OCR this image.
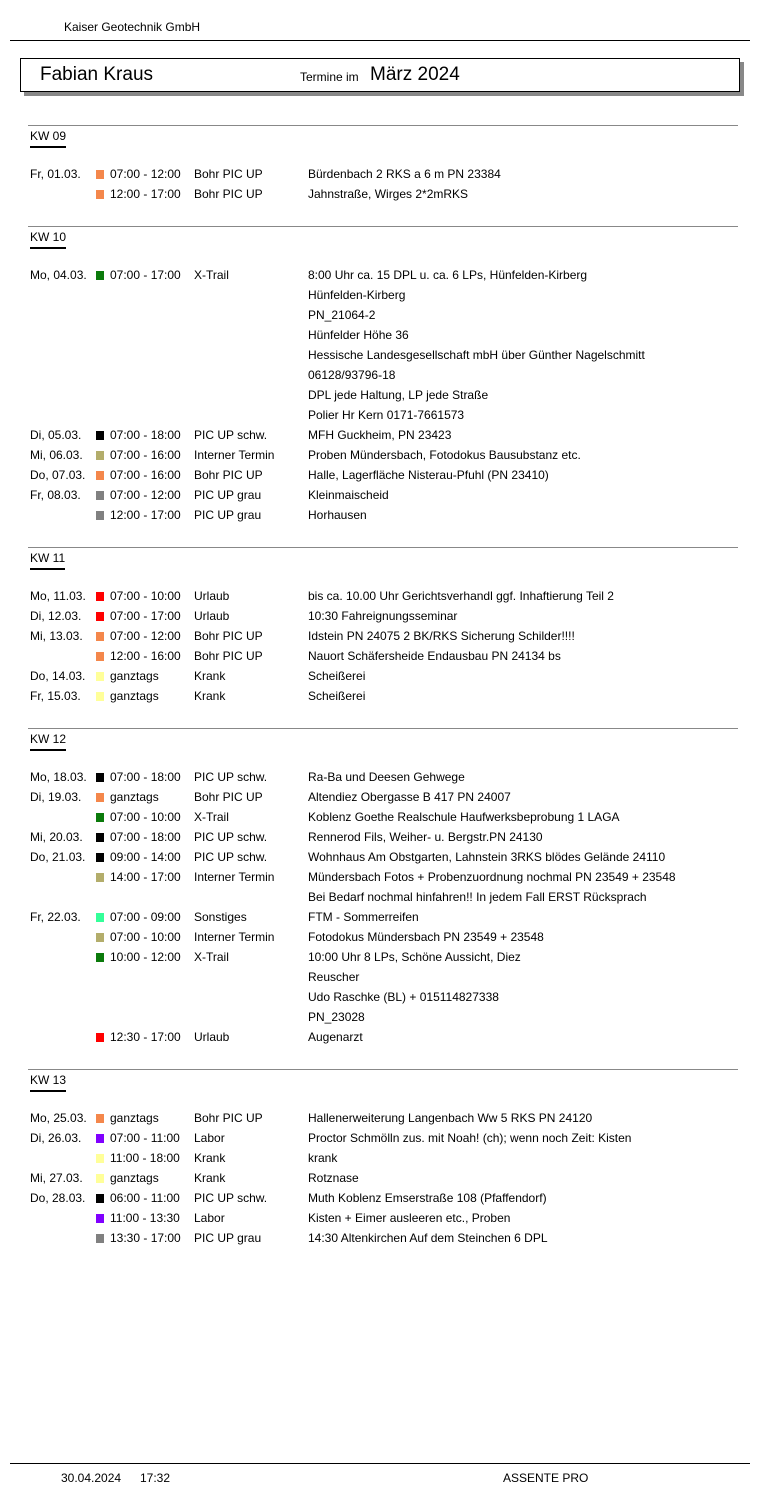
Kaiser Geotechnik GmbH
Fabian Kraus	Termine im März 2024
KW 09
Fr, 01.03. 07:00 - 12:00 Bohr PIC UP	Bürdenbach 2 RKS a 6 m PN 23384
12:00 - 17:00 Bohr PIC UP	Jahnstraße, Wirges 2*2mRKS
KW 10
Mo, 04.03. 07:00 - 17:00 X-Trail	8:00 Uhr ca. 15 DPL u. ca. 6 LPs, Hünfelden-Kirberg
Hünfelden-Kirberg
PN_21064-2
Hünfelder Höhe 36
Hessische Landesgesellschaft mbH über Günther Nagelschmitt
06128/93796-18
DPL jede Haltung, LP jede Straße
Polier Hr Kern 0171-7661573
Di, 05.03. 07:00 - 18:00 PIC UP schw.	MFH Guckheim, PN 23423
Mi, 06.03. 07:00 - 16:00 Interner Termin	Proben Mündersbach, Fotodokus Bausubstanz etc.
Do, 07.03. 07:00 - 16:00 Bohr PIC UP	Halle, Lagerfläche Nisterau-Pfuhl (PN 23410)
Fr, 08.03. 07:00 - 12:00 PIC UP grau	Kleinmaischeid
12:00 - 17:00 PIC UP grau	Horhausen
KW 11
Mo, 11.03. 07:00 - 10:00 Urlaub	bis ca. 10.00 Uhr Gerichtsverhandl ggf. Inhaftierung Teil 2
Di, 12.03. 07:00 - 17:00 Urlaub	10:30 Fahreignungsseminar
Mi, 13.03. 07:00 - 12:00 Bohr PIC UP	Idstein PN 24075 2 BK/RKS Sicherung Schilder!!!!
12:00 - 16:00 Bohr PIC UP	Nauort Schäfersheide Endausbau PN 24134 bs
Do, 14.03. ganztags	Krank	Scheißerei
Fr, 15.03. ganztags	Krank	Scheißerei
KW 12
Mo, 18.03. 07:00 - 18:00 PIC UP schw.	Ra-Ba und Deesen Gehwege
Di, 19.03. ganztags	Bohr PIC UP	Altendiez Obergasse B 417 PN 24007
07:00 - 10:00 X-Trail	Koblenz Goethe Realschule Haufwerksbeprobung 1 LAGA
Mi, 20.03. 07:00 - 18:00 PIC UP schw.	Rennerod Fils, Weiher- u. Bergstr.PN 24130
Do, 21.03. 09:00 - 14:00 PIC UP schw.	Wohnhaus Am Obstgarten, Lahnstein 3RKS blödes Gelände 24110
14:00 - 17:00 Interner Termin	Mündersbach Fotos + Probenzuordnung nochmal PN 23549 + 23548
Bei Bedarf nochmal hinfahren!! In jedem Fall ERST Rücksprach
Fr, 22.03. 07:00 - 09:00 Sonstiges	FTM - Sommerreifen
07:00 - 10:00 Interner Termin	Fotodokus Mündersbach PN 23549 + 23548
10:00 - 12:00 X-Trail	10:00 Uhr 8 LPs, Schöne Aussicht, Diez
Reuscher
Udo Raschke (BL) + 015114827338
PN_23028
12:30 - 17:00 Urlaub	Augenarzt
KW 13
Mo, 25.03. ganztags	Bohr PIC UP	Hallenerweiterung Langenbach Ww 5 RKS PN 24120
Di, 26.03. 07:00 - 11:00 Labor	Proctor Schmölln zus. mit Noah! (ch); wenn noch Zeit: Kisten
11:00 - 18:00 Krank	krank
Mi, 27.03. ganztags	Krank	Rotznase
Do, 28.03. 06:00 - 11:00 PIC UP schw.	Muth Koblenz Emserstraße 108 (Pfaffendorf)
11:00 - 13:30 Labor	Kisten + Eimer ausleeren etc., Proben
13:30 - 17:00 PIC UP grau	14:30 Altenkirchen Auf dem Steinchen 6 DPL
30.04.2024 17:32	ASSENTE PRO
